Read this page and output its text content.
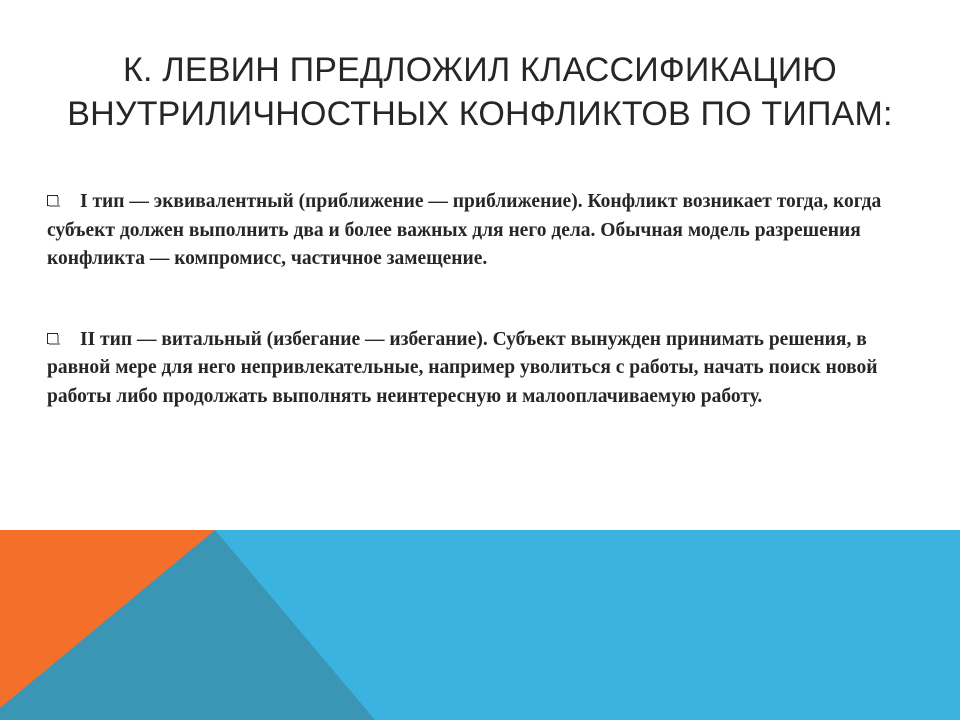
К. ЛЕВИН ПРЕДЛОЖИЛ КЛАССИФИКАЦИЮ ВНУТРИЛИЧНОСТНЫХ КОНФЛИКТОВ ПО ТИПАМ:

I тип — эквивалентный (приближение — приближение). Конфликт возникает тогда, когда субъект должен выполнить два и более важных для него дела. Обычная модель разрешения конфликта — компромисс, частичное замещение.

II тип — витальный (избегание — избегание). Субъект вынужден принимать решения, в равной мере для него непривлекательные, например уволиться с работы, начать поиск новой работы либо продолжать выполнять неинтересную и малооплачиваемую работу.
